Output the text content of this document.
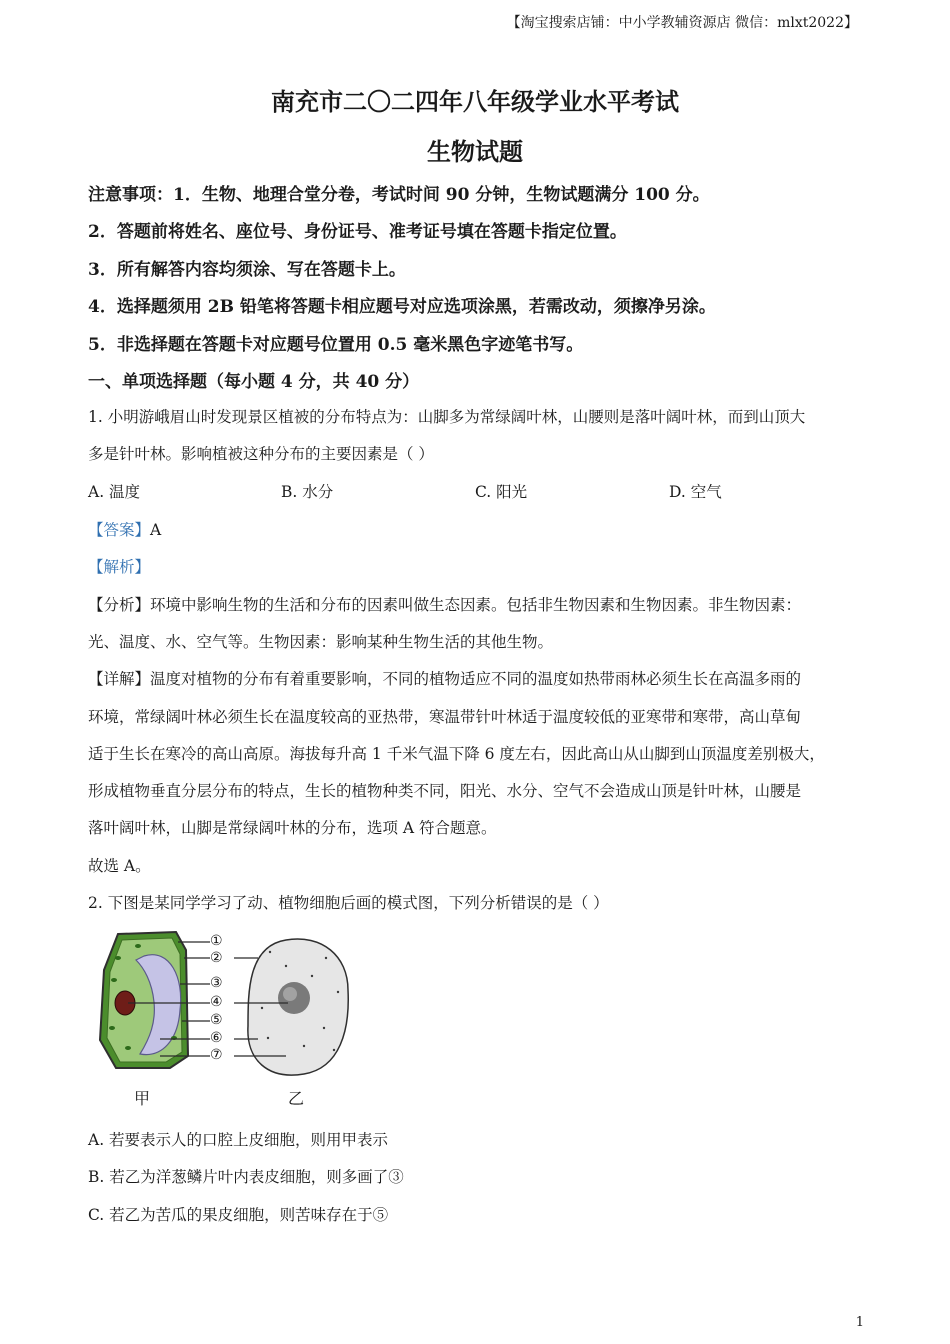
【淘宝搜索店铺：中小学教辅资源店 微信：mlxt2022】
南充市二〇二四年八年级学业水平考试
生物试题
注意事项：1．生物、地理合堂分卷，考试时间 90 分钟，生物试题满分 100 分。
2．答题前将姓名、座位号、身份证号、准考证号填在答题卡指定位置。
3．所有解答内容均须涂、写在答题卡上。
4．选择题须用 2B 铅笔将答题卡相应题号对应选项涂黑，若需改动，须擦净另涂。
5．非选择题在答题卡对应题号位置用 0.5 毫米黑色字迹笔书写。
一、单项选择题（每小题 4 分，共 40 分）
1. 小明游峨眉山时发现景区植被的分布特点为：山脚多为常绿阔叶林，山腰则是落叶阔叶林，而到山顶大
多是针叶林。影响植被这种分布的主要因素是（ ）
A. 温度	B. 水分	C. 阳光	D. 空气
【答案】A
【解析】
【分析】环境中影响生物的生活和分布的因素叫做生态因素。包括非生物因素和生物因素。非生物因素：
光、温度、水、空气等。生物因素：影响某种生物生活的其他生物。
【详解】温度对植物的分布有着重要影响，不同的植物适应不同的温度如热带雨林必须生长在高温多雨的
环境，常绿阔叶林必须生长在温度较高的亚热带，寒温带针叶林适于温度较低的亚寒带和寒带，高山草甸
适于生长在寒冷的高山高原。海拔每升高 1 千米气温下降 6 度左右，因此高山从山脚到山顶温度差别极大，
形成植物垂直分层分布的特点，生长的植物种类不同，阳光、水分、空气不会造成山顶是针叶林，山腰是
落叶阔叶林，山脚是常绿阔叶林的分布，选项 A 符合题意。
故选 A。
2. 下图是某同学学习了动、植物细胞后画的模式图，下列分析错误的是（ ）
①
②
③
④
⑤
⑥
⑦
甲	乙
A. 若要表示人的口腔上皮细胞，则用甲表示
B. 若乙为洋葱鳞片叶内表皮细胞，则多画了③
C. 若乙为苦瓜的果皮细胞，则苦味存在于⑤
1
